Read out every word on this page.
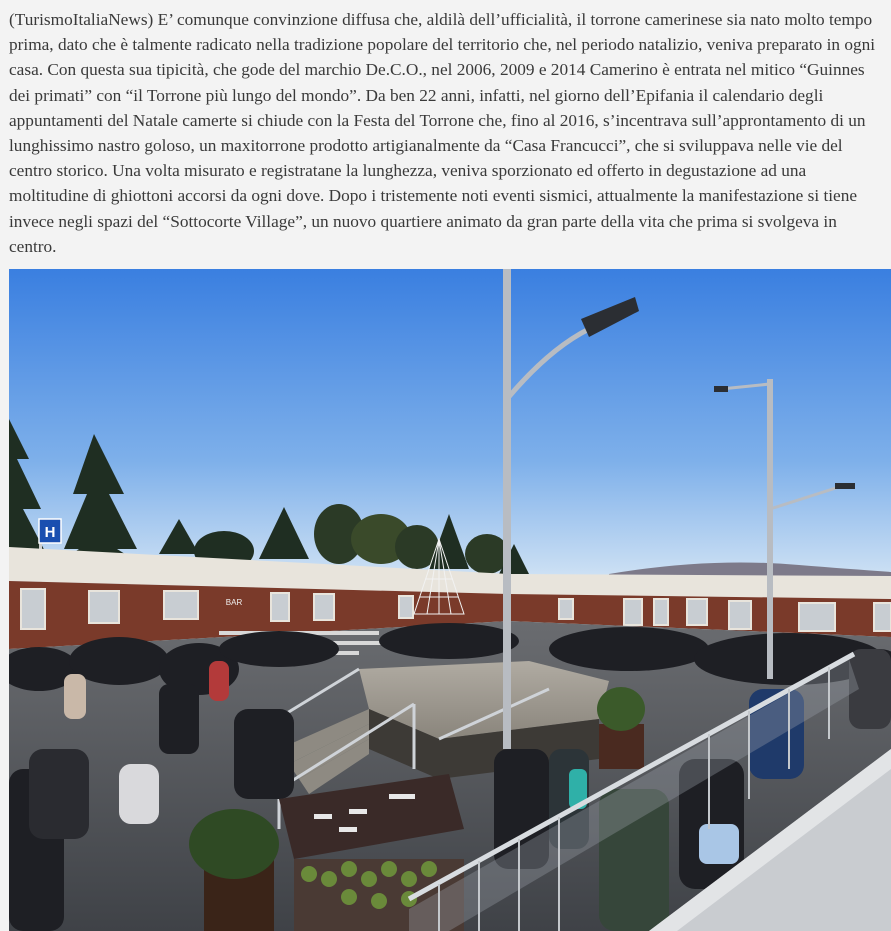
(TurismoItaliaNews) E’ comunque convinzione diffusa che, aldilà dell’ufficialità, il torrone camerinese sia nato molto tempo prima, dato che è talmente radicato nella tradizione popolare del territorio che, nel periodo natalizio, veniva preparato in ogni casa. Con questa sua tipicità, che gode del marchio De.C.O., nel 2006, 2009 e 2014 Camerino è entrata nel mitico “Guinnes dei primati” con “il Torrone più lungo del mondo”. Da ben 22 anni, infatti, nel giorno dell’Epifania il calendario degli appuntamenti del Natale camerte si chiude con la Festa del Torrone che, fino al 2016, s’incentrava sull’approntamento di un lunghissimo nastro goloso, un maxitorrone prodotto artigianalmente da “Casa Francucci”, che si sviluppava nelle vie del centro storico. Una volta misurato e registratane la lunghezza, veniva sporzionato ed offerto in degustazione ad una moltitudine di ghiottoni accorsi da ogni dove. Dopo i tristemente noti eventi sismici, attualmente la manifestazione si tiene invece negli spazi del “Sottocorte Village”, un nuovo quartiere animato da gran parte della vita che prima si svolgeva in centro.

H
BAR
